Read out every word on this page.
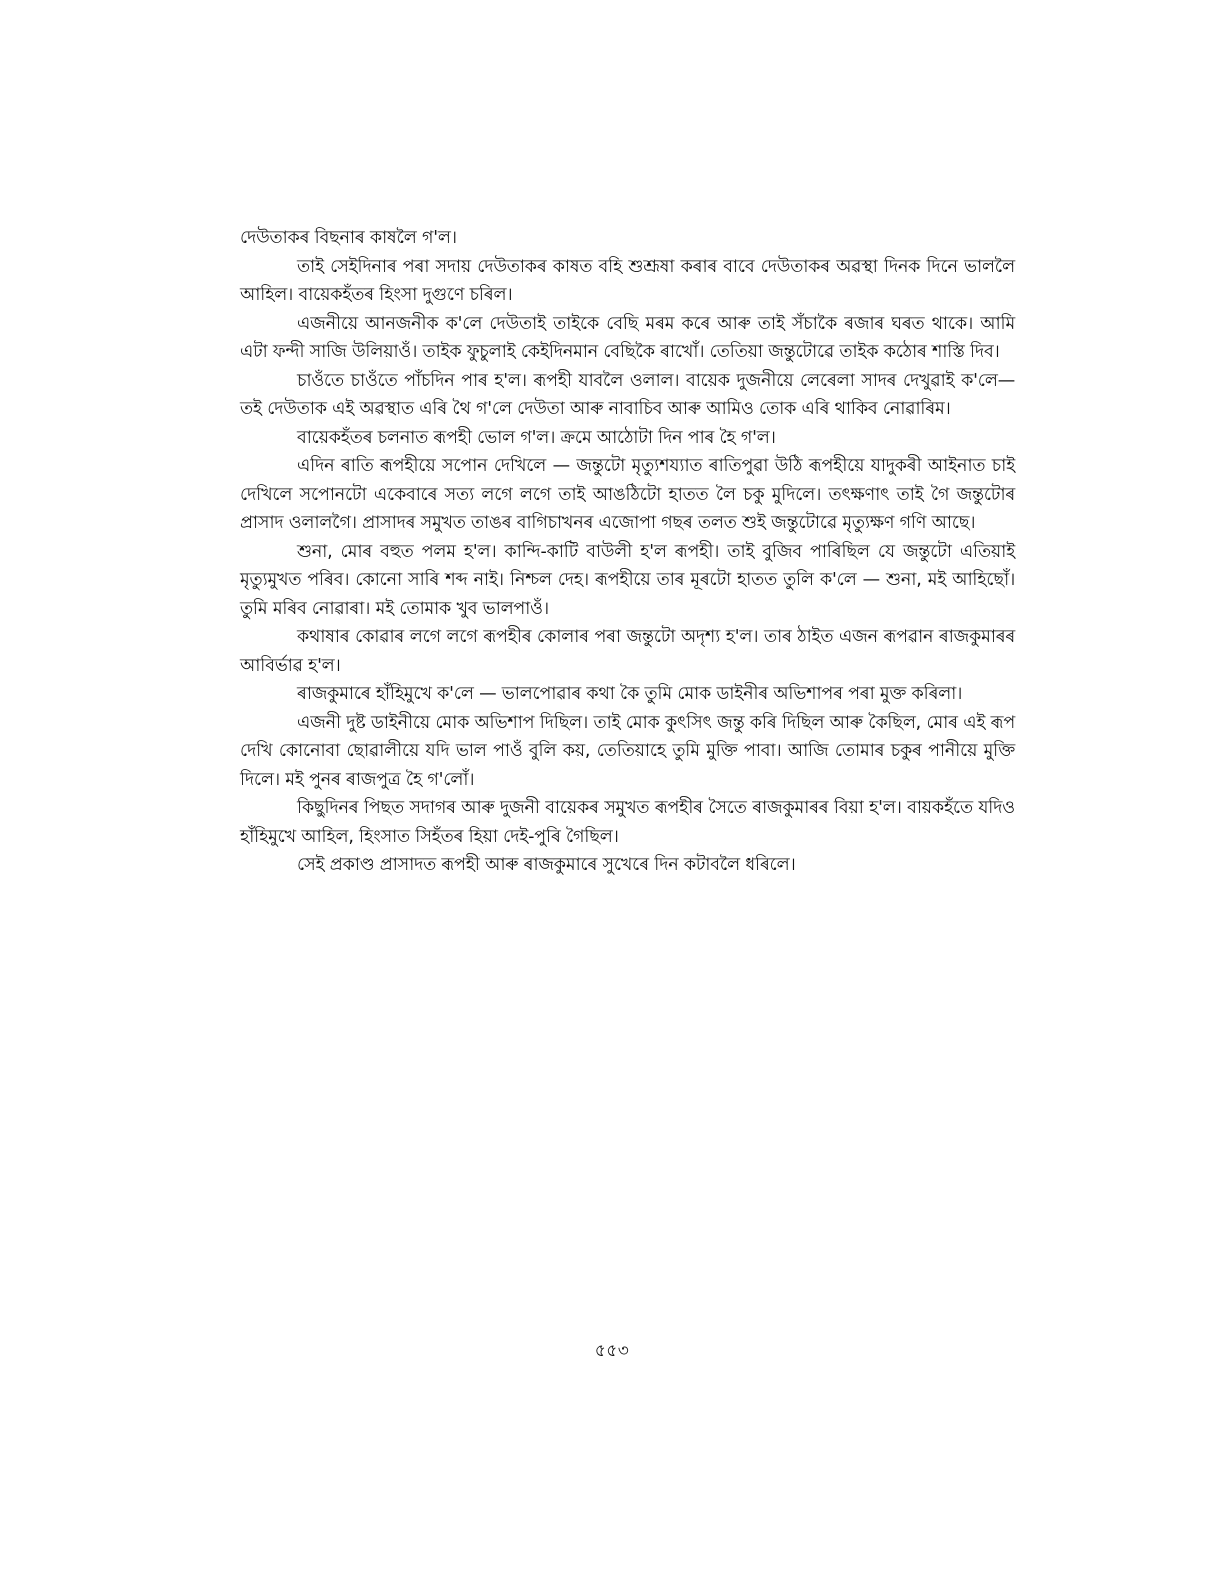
দেউতাকৰ বিছনাৰ কাষলৈ গ'ল।

তাই সেইদিনাৰ পৰা সদায় দেউতাকৰ কাষত বহি শুশ্ৰূষা কৰাৰ বাবে দেউতাকৰ অৱস্থা দিনক দিনে ভাললৈ আহিল। বায়েকহঁতৰ হিংসা দুগুণে চৰিল।

এজনীয়ে আনজনীক ক'লে দেউতাই তাইকে বেছি মৰম কৰে আৰু তাই সঁচাকৈ ৰজাৰ ঘৰত থাকে। আমি এটা ফন্দী সাজি উলিয়াওঁ। তাইক ফুচুলাই কেইদিনমান বেছিকৈ ৰাখোঁ। তেতিয়া জন্তুটোৱে তাইক কঠোৰ শাস্তি দিব।

চাওঁতে চাওঁতে পাঁচদিন পাৰ হ'ল। ৰূপহী যাবলৈ ওলাল। বায়েক দুজনীয়ে লেৰেলা সাদৰ দেখুৱাই ক'লে— তই দেউতাক এই অৱস্থাত এৰি থৈ গ'লে দেউতা আৰু নাবাচিব আৰু আমিও তোক এৰি থাকিব নোৱাৰিম।

বায়েকহঁতৰ চলনাত ৰূপহী ভোল গ'ল। ক্ৰমে আঠোটা দিন পাৰ হৈ গ'ল।

এদিন ৰাতি ৰূপহীয়ে সপোন দেখিলে — জন্তুটো মৃত্যুশয্যাত ৰাতিপুৱা উঠি ৰূপহীয়ে যাদুকৰী আইনাত চাই দেখিলে সপোনটো একেবাৰে সত্য লগে লগে তাই আঙঠিটো হাতত লৈ চকু মুদিলে। তৎক্ষণাৎ তাই গৈ জন্তুটোৰ প্ৰাসাদ ওলালগৈ। প্ৰাসাদৰ সমুখত তাঙৰ বাগিচাখনৰ এজোপা গছৰ তলত শুই জন্তুটোৱে মৃত্যুক্ষণ গণি আছে।

শুনা, মোৰ বহুত পলম হ'ল। কান্দি-কাটি বাউলী হ'ল ৰূপহী। তাই বুজিব পাৰিছিল যে জন্তুটো এতিয়াই মৃত্যুমুখত পৰিব। কোনো সাৰি শব্দ নাই। নিশ্চল দেহ। ৰূপহীয়ে তাৰ মূৰটো হাতত তুলি ক'লে — শুনা, মই আহিছোঁ। তুমি মৰিব নোৱাৰা। মই তোমাক খুব ভালপাওঁ।

কথাষাৰ কোৱাৰ লগে লগে ৰূপহীৰ কোলাৰ পৰা জন্তুটো অদৃশ্য হ'ল। তাৰ ঠাইত এজন ৰূপৱান ৰাজকুমাৰৰ আবিৰ্ভাৱ হ'ল।

ৰাজকুমাৰে হাঁহিমুখে ক'লে — ভালপোৱাৰ কথা কৈ তুমি মোক ডাইনীৰ অভিশাপৰ পৰা মুক্ত কৰিলা।

এজনী দুষ্ট ডাইনীয়ে মোক অভিশাপ দিছিল। তাই মোক কুৎসিৎ জন্তু কৰি দিছিল আৰু কৈছিল, মোৰ এই ৰূপ দেখি কোনোবা ছোৱালীয়ে যদি ভাল পাওঁ বুলি কয়, তেতিয়াহে তুমি মুক্তি পাবা। আজি তোমাৰ চকুৰ পানীয়ে মুক্তি দিলে। মই পুনৰ ৰাজপুত্ৰ হৈ গ'লোঁ।

কিছুদিনৰ পিছত সদাগৰ আৰু দুজনী বায়েকৰ সমুখত ৰূপহীৰ সৈতে ৰাজকুমাৰৰ বিয়া হ'ল। বায়কহঁতে যদিও হাঁহিমুখে আহিল, হিংসাত সিহঁতৰ হিয়া দেই-পুৰি গৈছিল।

সেই প্ৰকাণ্ড প্ৰাসাদত ৰূপহী আৰু ৰাজকুমাৰে সুখেৰে দিন কটাবলৈ ধৰিলে।

৫৫৩
